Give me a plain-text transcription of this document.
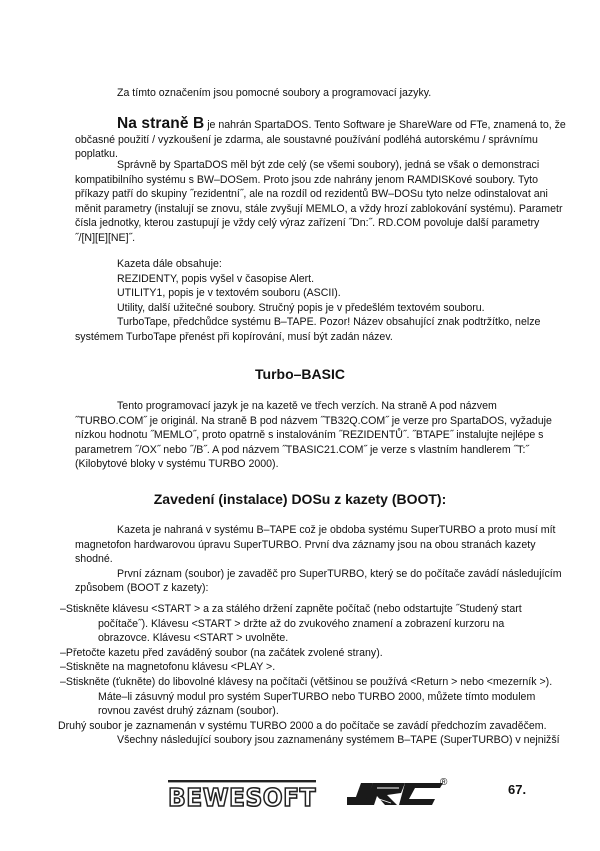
Za tímto označením jsou pomocné soubory a programovací jazyky.
Na straně B je nahrán SpartaDOS. Tento Software je ShareWare od FTe, znamená to, že
občasné použití / vyzkoušení je zdarma, ale soustavné používání podléhá autorskému / správnímu
poplatku.
Správně by SpartaDOS měl být zde celý (se všemi soubory), jedná se však o demonstraci
kompatibilního systému s BW–DOSem. Proto jsou zde nahrány jenom RAMDISKové soubory. Tyto
příkazy patří do skupiny ˝rezidentní˝, ale na rozdíl od rezidentů BW–DOSu tyto nelze odinstalovat ani
měnit parametry (instalují se znovu, stále zvyšují MEMLO, a vždy hrozí zablokování systému). Parametr
čísla jednotky, kterou zastupují je vždy celý výraz zařízení ˝Dn:˝. RD.COM povoluje další parametry
˝/[N][E][NE]˝.
Kazeta dále obsahuje:
REZIDENTY, popis vyšel v časopise Alert.
UTILITY1, popis je v textovém souboru (ASCII).
Utility, další užitečné soubory. Stručný popis je v předešlém textovém souboru.
TurboTape, předchůdce systému B–TAPE. Pozor! Název obsahující znak podtržítko, nelze
systémem TurboTape přenést při kopírování, musí být zadán název.
Turbo–BASIC
Tento programovací jazyk je na kazetě ve třech verzích. Na straně A pod názvem
˝TURBO.COM˝ je originál. Na straně B pod názvem ˝TB32Q.COM˝ je verze pro SpartaDOS, vyžaduje
nízkou hodnotu ˝MEMLO˝, proto opatrně s instalováním ˝REZIDENTŮ˝. ˝BTAPE˝ instalujte nejlépe s
parametrem ˝/OX˝ nebo ˝/B˝. A pod názvem ˝TBASIC21.COM˝ je verze s vlastním handlerem ˝T:˝
(Kilobytové bloky v systému TURBO 2000).
Zavedení (instalace) DOSu z kazety (BOOT):
Kazeta je nahraná v systému B–TAPE což je obdoba systému SuperTURBO a proto musí mít
magnetofon hardwarovou úpravu SuperTURBO. První dva záznamy jsou na obou stranách kazety
shodné.
První záznam (soubor) je zavaděč pro SuperTURBO, který se do počítače zavádí následujícím
způsobem (BOOT z kazety):
–Stiskněte klávesu <START > a za stálého držení zapněte počítač (nebo odstartujte ˝Studený start
počítače˝). Klávesu <START > držte až do zvukového znamení a zobrazení kurzoru na
obrazovce. Klávesu <START > uvolněte.
–Přetočte kazetu před zaváděný soubor (na začátek zvolené strany).
–Stiskněte na magnetofonu klávesu <PLAY >.
–Stiskněte (ťukněte) do libovolné klávesy na počítači (většinou se používá <Return > nebo <mezerník >).
Máte–li zásuvný modul pro systém SuperTURBO nebo TURBO 2000, můžete tímto modulem
rovnou zavést druhý záznam (soubor).
Druhý soubor je zaznamenán v systému TURBO 2000 a do počítače se zavádí předchozím zavaděčem.
Všechny následující soubory jsou zaznamenány systémem B–TAPE (SuperTURBO) v nejnižší
BEWESOFT
®	67.
